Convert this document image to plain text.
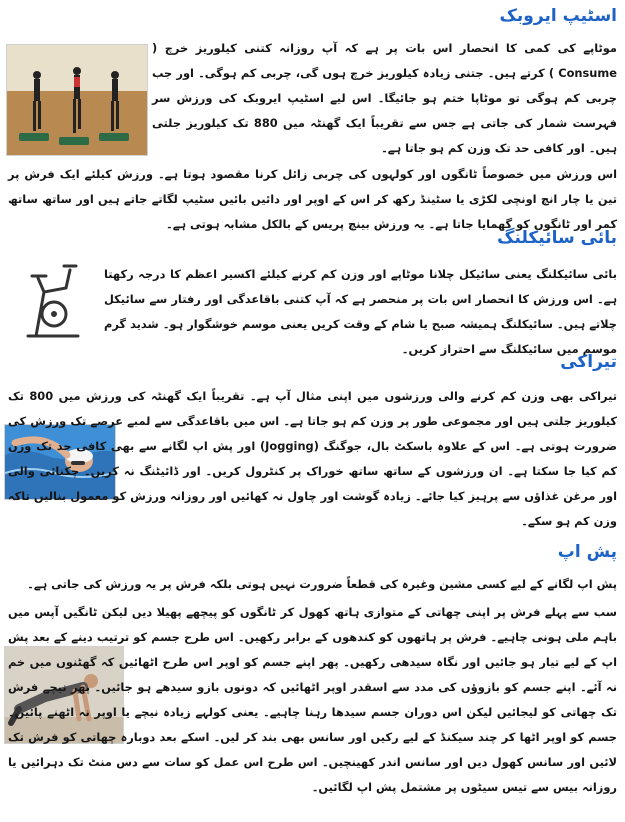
اسٹیپ ایروبک
موٹاپے کی کمی کا انحصار اس بات پر ہے کہ آپ روزانہ کتنی کیلوریز خرچ ( Consume ) کرتے ہیں۔ جتنی زیادہ کیلوریز خرچ ہوں گی، چربی کم ہوگی۔ اور جب چربی کم ہوگی تو موٹاپا ختم ہو جائیگا۔ اس لیے اسٹیپ ایروبک کی ورزش سر فہرست شمار کی جاتی ہے جس سے تقریباً ایک گھنٹہ میں 880 تک کیلوریز جلتی ہیں۔ اور کافی حد تک وزن کم ہو جاتا ہے۔
اس ورزش میں خصوصاً ٹانگوں اور کولہوں کی چربی زائل کرنا مقصود ہوتا ہے۔ ورزش کیلئے ایک فرش پر تین یا چار انچ اونچی لکڑی یا سٹینڈ رکھ کر اس کے اوپر اور دائیں بائیں سٹیپ لگاتے جاتے ہیں اور ساتھ ساتھ کمر اور ٹانگوں کو گھمایا جاتا ہے۔ یہ ورزش بینچ پریس کے بالکل مشابہ ہوتی ہے۔
بائی سائیکلنگ
بائی سائیکلنگ یعنی سائیکل چلانا موٹاپے اور وزن کم کرنے کیلئے اکسیر اعظم کا درجہ رکھتا ہے۔ اس ورزش کا انحصار اس بات پر منحصر ہے کہ آپ کتنی باقاعدگی اور رفتار سے سائیکل چلاتے ہیں۔ سائیکلنگ ہمیشہ صبح یا شام کے وقت کریں یعنی موسم خوشگوار ہو۔ شدید گرم موسم میں سائیکلنگ سے احتراز کریں۔
تیراکی
تیراکی بھی وزن کم کرنے والی ورزشوں میں اپنی مثال آپ ہے۔ تقریباً ایک گھنٹہ کی ورزش میں 800 تک کیلوریز جلتی ہیں اور مجموعی طور پر وزن کم ہو جاتا ہے۔ اس میں باقاعدگی سے لمبے عرصے تک ورزش کی ضرورت ہوتی ہے۔ اس کے علاوہ باسکٹ بال، جوگنگ (Jogging) اور پش اپ لگانے سے بھی کافی حد تک وزن کم کیا جا سکتا ہے۔ ان ورزشوں کے ساتھ ساتھ خوراک پر کنٹرول کریں۔ اور ڈائیٹنگ نہ کریں۔ چکنائی والی اور مرغن غذاؤں سے پرہیز کیا جائے۔ زیادہ گوشت اور چاول نہ کھائیں اور روزانہ ورزش کو معمول بنالیں تاکہ وزن کم ہو سکے۔
پش اپ
پش اپ لگانے کے لیے کسی مشین وغیرہ کی قطعاً ضرورت نہیں ہوتی بلکہ فرش پر یہ ورزش کی جاتی ہے۔
سب سے پہلے فرش پر اپنی چھاتی کے متوازی ہاتھ کھول کر ٹانگوں کو پیچھے پھیلا دیں لیکن ٹانگیں آپس میں باہم ملی ہونی چاہیے۔ فرش پر ہاتھوں کو کندھوں کے برابر رکھیں۔ اس طرح جسم کو ترتیب دینے کے بعد پش اپ کے لیے تیار ہو جائیں اور نگاہ سیدھی رکھیں۔ پھر اپنے جسم کو اوپر اس طرح اٹھائیں کہ گھٹنوں میں خم نہ آئے۔ اپنے جسم کو بازوؤں کی مدد سے اسقدر اوپر اٹھائیں کہ دونوں بازو سیدھے ہو جائیں۔ پھر نیچے فرش تک چھاتی کو لیجائیں لیکن اس دوران جسم سیدھا رہنا چاہیے۔ یعنی کولہے زیادہ نیچے یا اوپر نہ اٹھنے پائیں۔ جسم کو اوپر اٹھا کر چند سیکنڈ کے لیے رکیں اور سانس بھی بند کر لیں۔ اسکے بعد دوبارہ چھاتی کو فرش تک لائیں اور سانس کھول دیں اور سانس اندر کھینچیں۔ اس طرح اس عمل کو سات سے دس منٹ تک دہرائیں یا روزانہ بیس سے تیس سیٹوں پر مشتمل پش اپ لگائیں۔
